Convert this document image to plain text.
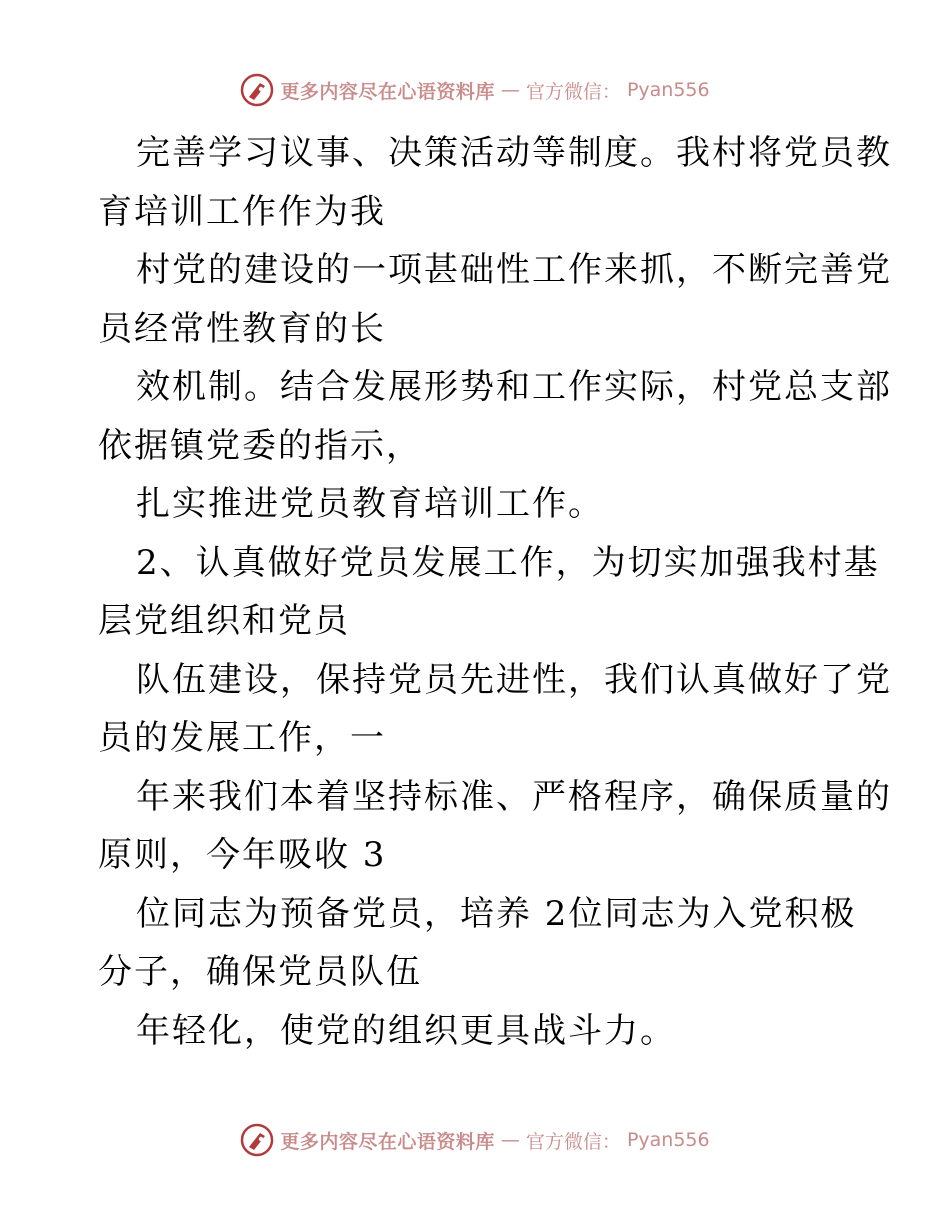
更多内容尽在心语资料库 — 官方微信： Pyan556
完善学习议事、决策活动等制度。我村将党员教
育培训工作作为我
村党的建设的一项甚础性工作来抓，不断完善党
员经常性教育的长
效机制。结合发展形势和工作实际，村党总支部
依据镇党委的指示，
扎实推进党员教育培训工作。
2、认真做好党员发展工作，为切实加强我村基
层党组织和党员
队伍建设，保持党员先进性，我们认真做好了党
员的发展工作，一
年来我们本着坚持标准、严格程序，确保质量的
原则，今年吸收 3
位同志为预备党员，培养 2位同志为入党积极
分子，确保党员队伍
年轻化，使党的组织更具战斗力。
更多内容尽在心语资料库 — 官方微信： Pyan556
